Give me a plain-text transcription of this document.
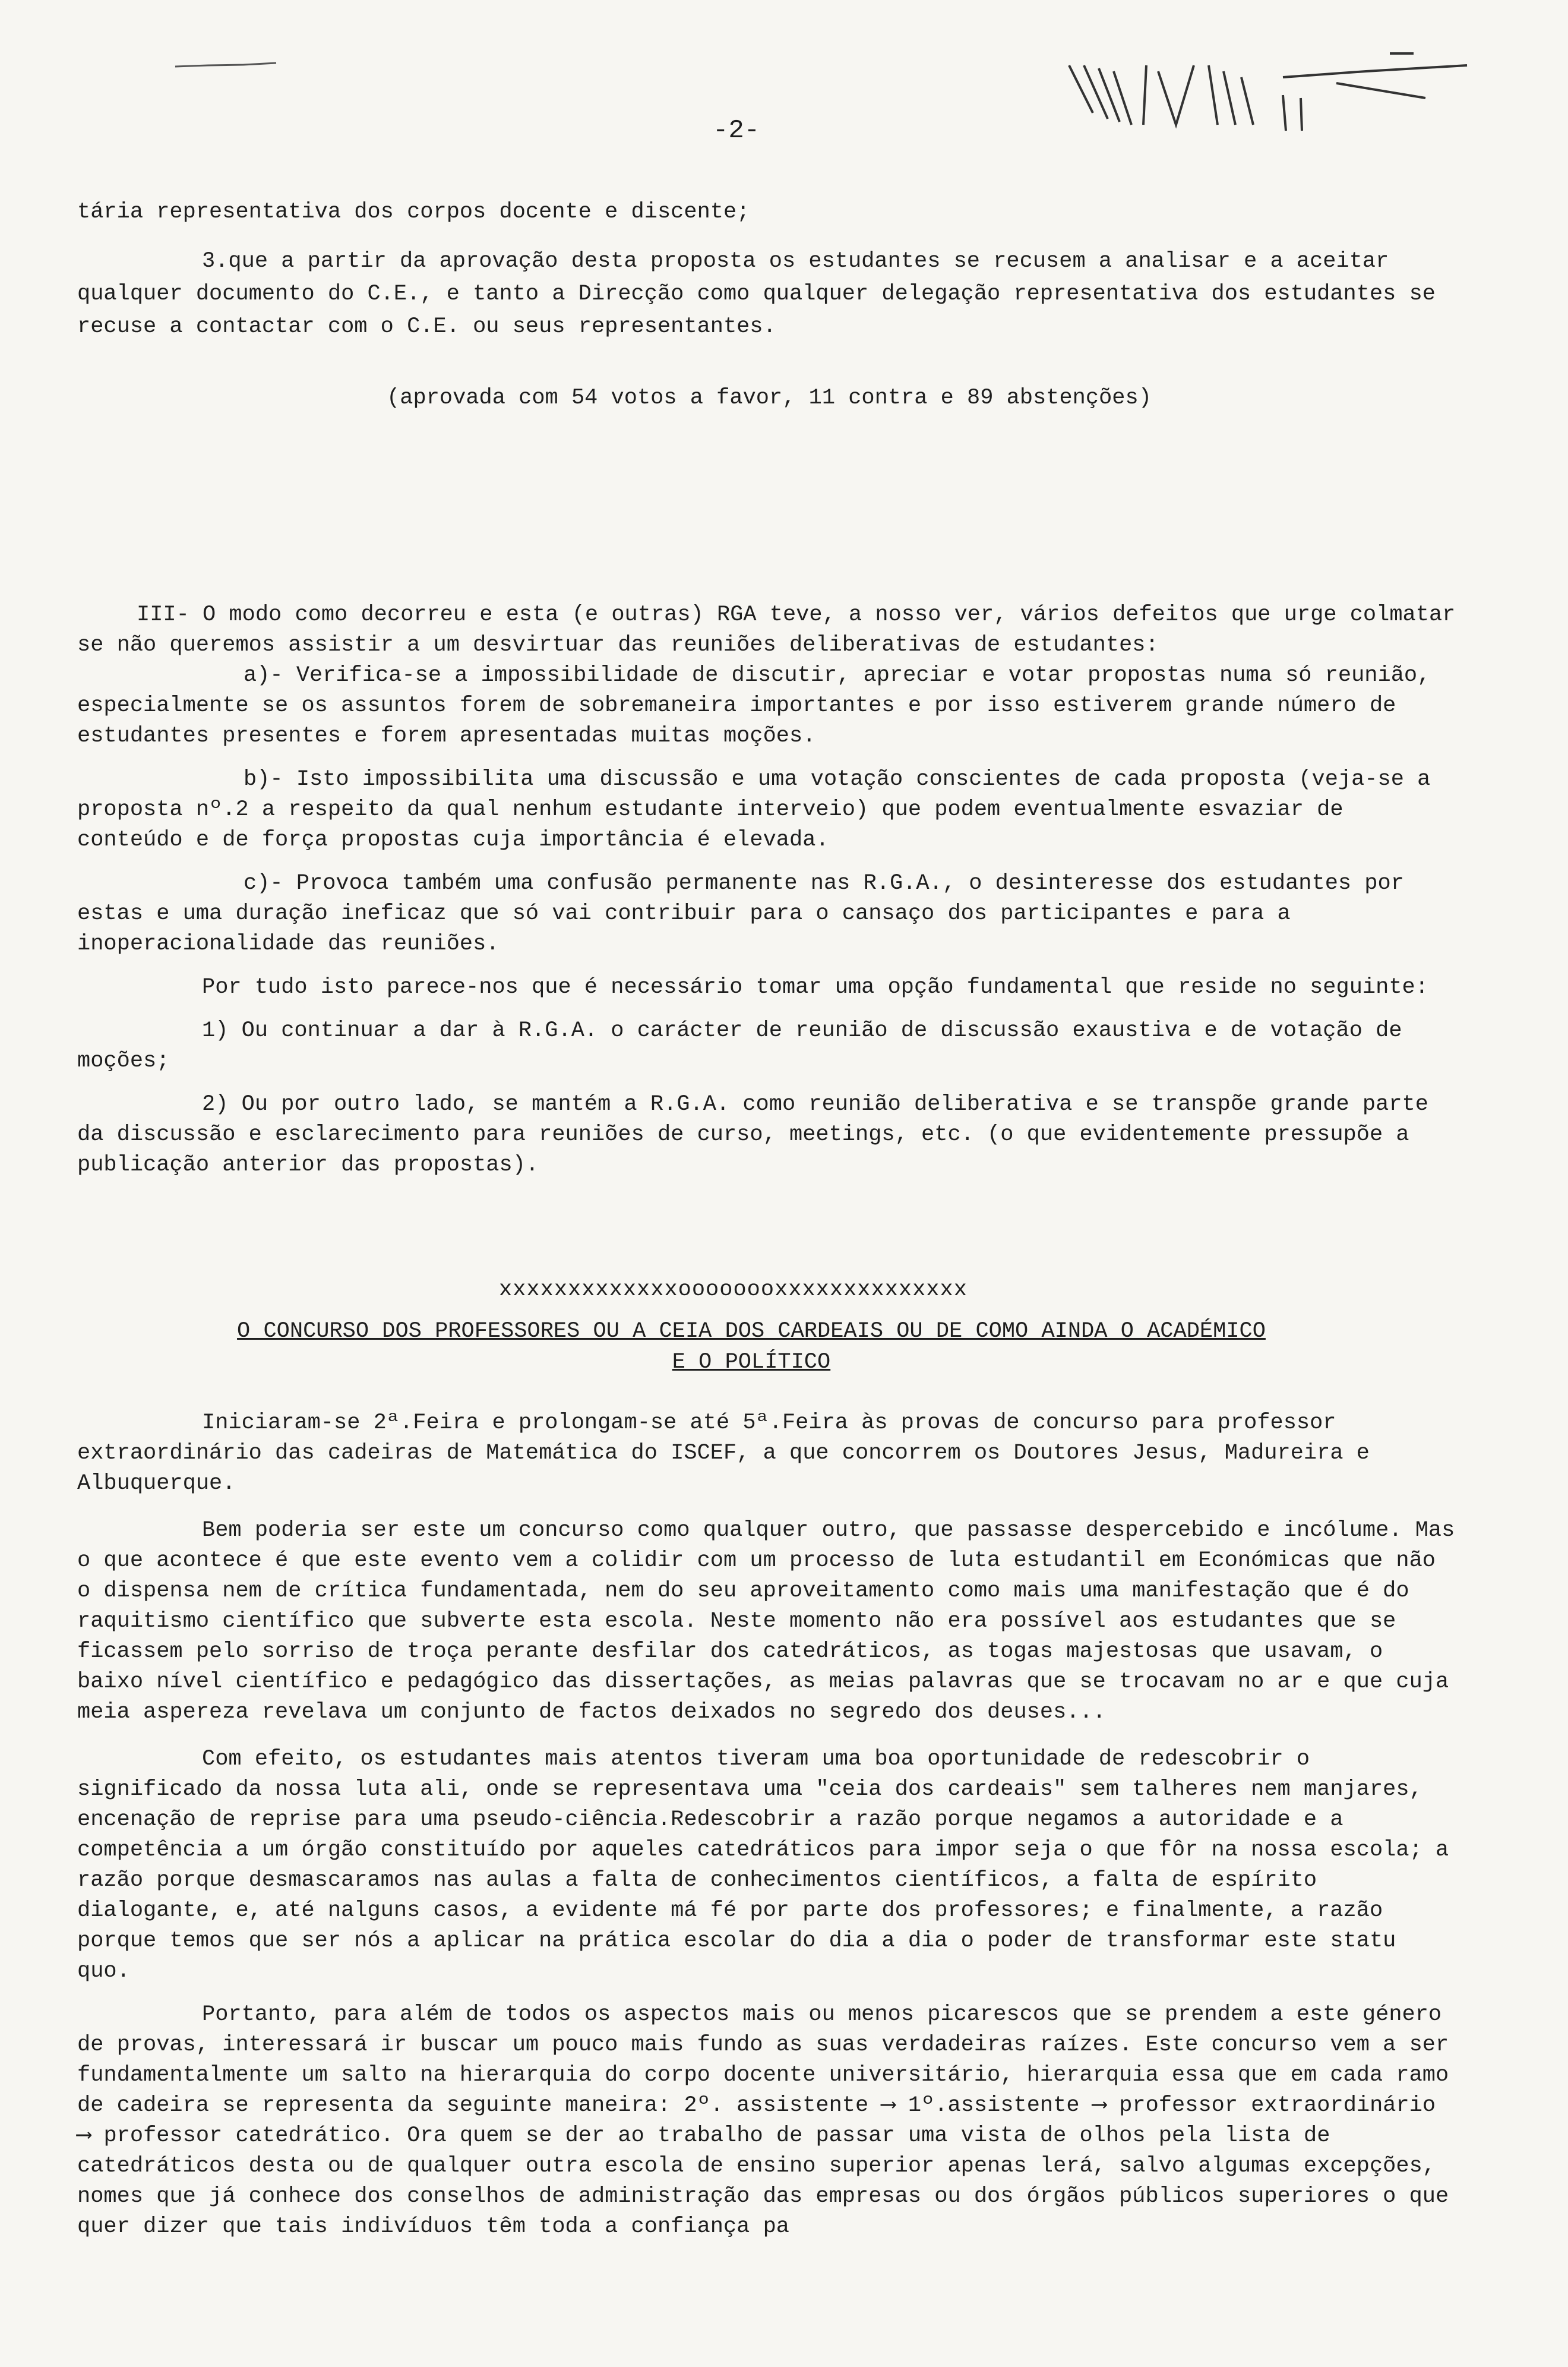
-2-

tária representativa dos corpos docente e discente;

3.que a partir da aprovação desta proposta os estudantes se recusem a analisar e a aceitar qualquer documento do C.E., e tanto a Direcção como qualquer delegação representativa dos estudantes se recuse a contactar com o C.E. ou seus representantes.

(aprovada com 54 votos a favor, 11 contra e 89 abstenções)

III- O modo como decorreu e esta (e outras) RGA teve, a nosso ver, vários defeitos que urge colmatar se não queremos assistir a um desvirtuar das reuniões deliberativas de estudantes:

a)- Verifica-se a impossibilidade de discutir, apreciar e votar propostas numa só reunião, especialmente se os assuntos forem de sobremaneira importantes e por isso estiverem grande número de estudantes presentes e forem apresentadas muitas moções.

b)- Isto impossibilita uma discussão e uma votação conscientes de cada proposta (veja-se a proposta nº.2 a respeito da qual nenhum estudante interveio) que podem eventualmente esvaziar de conteúdo e de força propostas cuja importância é elevada.

c)- Provoca também uma confusão permanente nas R.G.A., o desinteresse dos estudantes por estas e uma duração ineficaz que só vai contribuir para o cansaço dos participantes e para a inoperacionalidade das reuniões.

Por tudo isto parece-nos que é necessário tomar uma opção fundamental que reside no seguinte:

1) Ou continuar a dar à R.G.A. o carácter de reunião de discussão exaustiva e de votação de moções;

2) Ou por outro lado, se mantém a R.G.A. como reunião deliberativa e se transpõe grande parte da discussão e esclarecimento para reuniões de curso, meetings, etc. (o que evidentemente pressupõe a publicação anterior das propostas).

xxxxxxxxxxxxxoooooooxxxxxxxxxxxxxx
O CONCURSO DOS PROFESSORES OU A CEIA DOS CARDEAIS OU DE COMO AINDA O ACADÉMICO
E O POLÍTICO

Iniciaram-se 2ª.Feira e prolongam-se até 5ª.Feira às provas de concurso para professor extraordinário das cadeiras de Matemática do ISCEF, a que concorrem os Doutores Jesus, Madureira e Albuquerque.

Bem poderia ser este um concurso como qualquer outro, que passasse despercebido e incólume. Mas o que acontece é que este evento vem a colidir com um processo de luta estudantil em Económicas que não o dispensa nem de crítica fundamentada, nem do seu aproveitamento como mais uma manifestação que é do raquitismo científico que subverte esta escola. Neste momento não era possível aos estudantes que se ficassem pelo sorriso de troça perante desfilar dos catedráticos, as togas majestosas que usavam, o baixo nível científico e pedagógico das dissertações, as meias palavras que se trocavam no ar e que cuja meia aspereza revelava um conjunto de factos deixados no segredo dos deuses...

Com efeito, os estudantes mais atentos tiveram uma boa oportunidade de redescobrir o significado da nossa luta ali, onde se representava uma "ceia dos cardeais" sem talheres nem manjares, encenação de reprise para uma pseudo-ciência.Redescobrir a razão porque negamos a autoridade e a competência a um órgão constituído por aqueles catedráticos para impor seja o que fôr na nossa escola; a razão porque desmascaramos nas aulas a falta de conhecimentos científicos, a falta de espírito dialogante, e, até nalguns casos, a evidente má fé por parte dos professores; e finalmente, a razão porque temos que ser nós a aplicar na prática escolar do dia a dia o poder de transformar este statu quo.

Portanto, para além de todos os aspectos mais ou menos picarescos que se prendem a este género de provas, interessará ir buscar um pouco mais fundo as suas verdadeiras raízes. Este concurso vem a ser fundamentalmente um salto na hierarquia do corpo docente universitário, hierarquia essa que em cada ramo de cadeira se representa da seguinte maneira: 2º. assistente ⟶ 1º.assistente ⟶ professor extraordinário ⟶ professor catedrático. Ora quem se der ao trabalho de passar uma vista de olhos pela lista de catedráticos desta ou de qualquer outra escola de ensino superior apenas lerá, salvo algumas excepções, nomes que já conhece dos conselhos de administração das empresas ou dos órgãos públicos superiores o que quer dizer que tais indivíduos têm toda a confiança pa
